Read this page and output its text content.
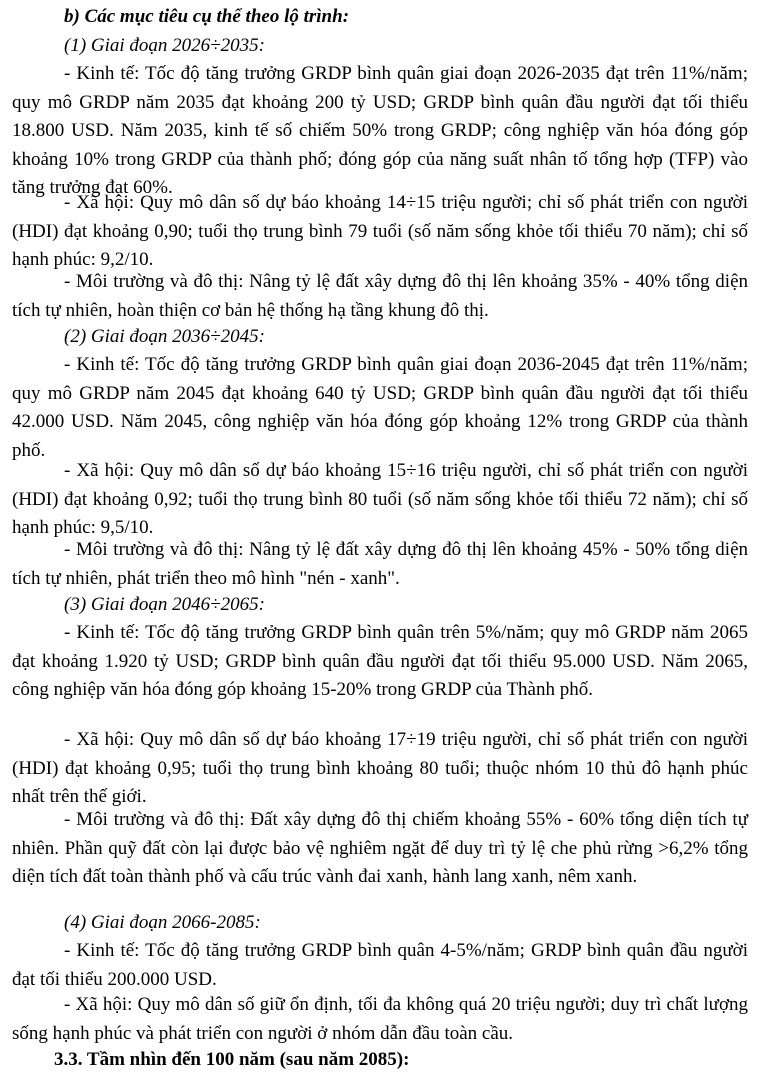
b) Các mục tiêu cụ thể theo lộ trình:
(1) Giai đoạn 2026÷2035:

- Kinh tế: Tốc độ tăng trưởng GRDP bình quân giai đoạn 2026-2035 đạt trên 11%/năm; quy mô GRDP năm 2035 đạt khoảng 200 tỷ USD; GRDP bình quân đầu người đạt tối thiểu 18.800 USD. Năm 2035, kinh tế số chiếm 50% trong GRDP; công nghiệp văn hóa đóng góp khoảng 10% trong GRDP của thành phố; đóng góp của năng suất nhân tố tổng hợp (TFP) vào tăng trưởng đạt 60%.

- Xã hội: Quy mô dân số dự báo khoảng 14÷15 triệu người; chỉ số phát triển con người (HDI) đạt khoảng 0,90; tuổi thọ trung bình 79 tuổi (số năm sống khỏe tối thiểu 70 năm); chỉ số hạnh phúc: 9,2/10.

- Môi trường và đô thị: Nâng tỷ lệ đất xây dựng đô thị lên khoảng 35% - 40% tổng diện tích tự nhiên, hoàn thiện cơ bản hệ thống hạ tầng khung đô thị.

(2) Giai đoạn 2036÷2045:

- Kinh tế: Tốc độ tăng trưởng GRDP bình quân giai đoạn 2036-2045 đạt trên 11%/năm; quy mô GRDP năm 2045 đạt khoảng 640 tỷ USD; GRDP bình quân đầu người đạt tối thiểu 42.000 USD. Năm 2045, công nghiệp văn hóa đóng góp khoảng 12% trong GRDP của thành phố.

- Xã hội: Quy mô dân số dự báo khoảng 15÷16 triệu người, chỉ số phát triển con người (HDI) đạt khoảng 0,92; tuổi thọ trung bình 80 tuổi (số năm sống khỏe tối thiểu 72 năm); chỉ số hạnh phúc: 9,5/10.

- Môi trường và đô thị: Nâng tỷ lệ đất xây dựng đô thị lên khoảng 45% - 50% tổng diện tích tự nhiên, phát triển theo mô hình "nén - xanh".

(3) Giai đoạn 2046÷2065:

- Kinh tế: Tốc độ tăng trưởng GRDP bình quân trên 5%/năm; quy mô GRDP năm 2065 đạt khoảng 1.920 tỷ USD; GRDP bình quân đầu người đạt tối thiểu 95.000 USD. Năm 2065, công nghiệp văn hóa đóng góp khoảng 15-20% trong GRDP của Thành phố.

- Xã hội: Quy mô dân số dự báo khoảng 17÷19 triệu người, chỉ số phát triển con người (HDI) đạt khoảng 0,95; tuổi thọ trung bình khoảng 80 tuổi; thuộc nhóm 10 thủ đô hạnh phúc nhất trên thế giới.

- Môi trường và đô thị: Đất xây dựng đô thị chiếm khoảng 55% - 60% tổng diện tích tự nhiên. Phần quỹ đất còn lại được bảo vệ nghiêm ngặt để duy trì tỷ lệ che phủ rừng >6,2% tổng diện tích đất toàn thành phố và cấu trúc vành đai xanh, hành lang xanh, nêm xanh.

(4) Giai đoạn 2066-2085:

- Kinh tế: Tốc độ tăng trưởng GRDP bình quân 4-5%/năm; GRDP bình quân đầu người đạt tối thiểu 200.000 USD.

- Xã hội: Quy mô dân số giữ ổn định, tối đa không quá 20 triệu người; duy trì chất lượng sống hạnh phúc và phát triển con người ở nhóm dẫn đầu toàn cầu.

3.3. Tầm nhìn đến 100 năm (sau năm 2085):
